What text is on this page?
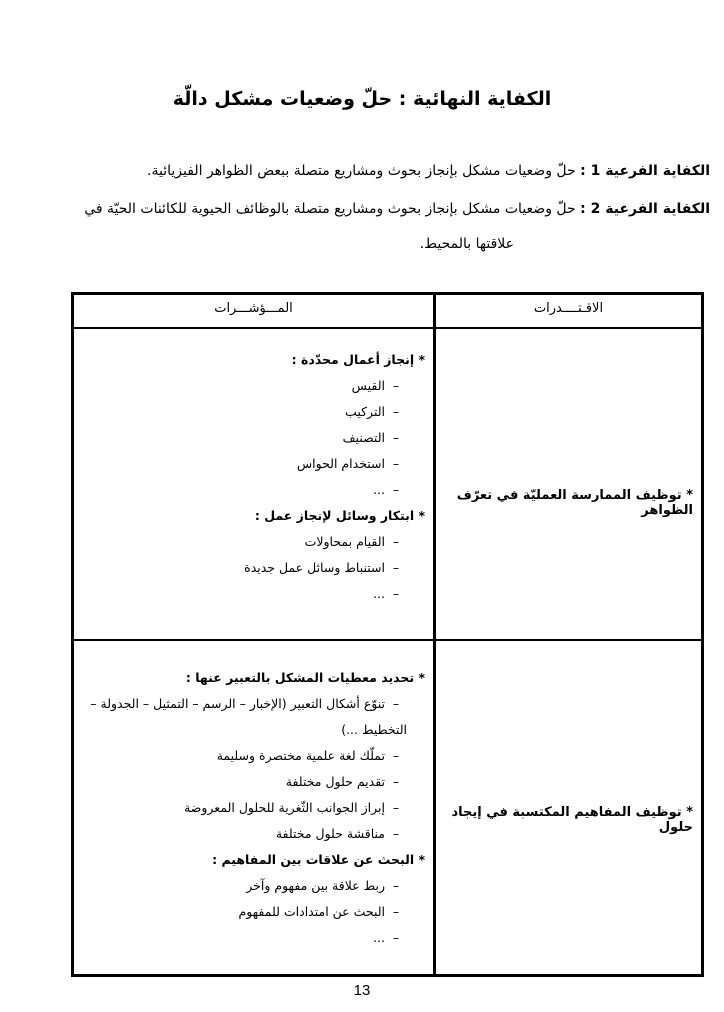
الكفاية النهائية : حلّ وضعيات مشكل دالّة
الكفاية الفرعية 1 : حلّ وضعيات مشكل بإنجاز بحوث ومشاريع متصلة ببعض الظواهر الفيزيائية.
الكفاية الفرعية 2 : حلّ وضعيات مشكل بإنجاز بحوث ومشاريع متصلة بالوظائف الحيوية للكائنات الحيّة في
علاقتها بالمحيط.
الاقـتــــدرات
المـــؤشـــرات
* توظيف الممارسة العمليّة في تعرّف الظواهر
* إنجاز أعمال محدّدة :
–القيس
–التركيب
–التصنيف
–استخدام الحواس
–...
* ابتكار وسائل لإنجاز عمل :
–القيام بمحاولات
–استنباط وسائل عمل جديدة
–...
* توظيف المفاهيم المكتسبة في إيجاد حلول
* تحديد معطيات المشكل بالتعبير عنها :
–تنوّع أشكال التعبير (الإخبار – الرسم – التمثيل – الجدولة – التخطيط ...)
–تملّك لغة علمية مختصرة وسليمة
–تقديم حلول مختلفة
–إبراز الجوانب الثّغرية للحلول المعروضة
–مناقشة حلول مختلفة
* البحث عن علاقات بين المفاهيم :
–ربط علاقة بين مفهوم وآخر
–البحث عن امتدادات للمفهوم
–...
13
